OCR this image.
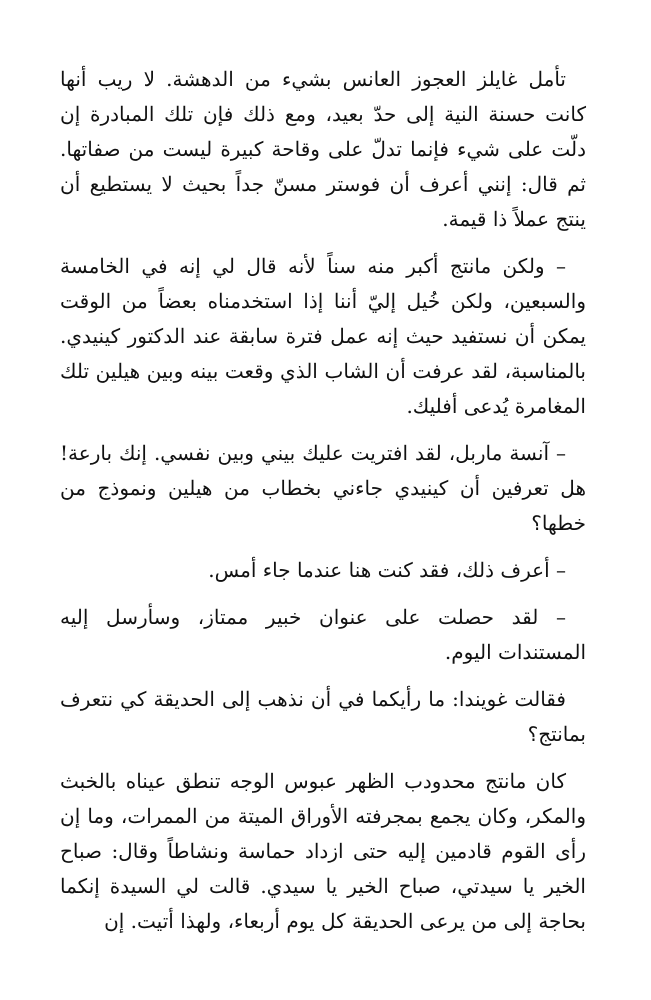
تأمل غايلز العجوز العانس بشيء من الدهشة. لا ريب أنها كانت حسنة النية إلى حدّ بعيد، ومع ذلك فإن تلك المبادرة إن دلّت على شيء فإنما تدلّ على وقاحة كبيرة ليست من صفاتها. ثم قال: إنني أعرف أن فوستر مسنّ جداً بحيث لا يستطيع أن ينتج عملاً ذا قيمة.

– ولكن مانتج أكبر منه سناً لأنه قال لي إنه في الخامسة والسبعين، ولكن خُيل إليّ أننا إذا استخدمناه بعضاً من الوقت يمكن أن نستفيد حيث إنه عمل فترة سابقة عند الدكتور كينيدي. بالمناسبة، لقد عرفت أن الشاب الذي وقعت بينه وبين هيلين تلك المغامرة يُدعى أفليك.

– آنسة ماربل، لقد افتريت عليك بيني وبين نفسي. إنك بارعة! هل تعرفين أن كينيدي جاءني بخطاب من هيلين ونموذج من خطها؟

– أعرف ذلك، فقد كنت هنا عندما جاء أمس.

– لقد حصلت على عنوان خبير ممتاز، وسأرسل إليه المستندات اليوم.

فقالت غويندا: ما رأيكما في أن نذهب إلى الحديقة كي نتعرف بمانتج؟

كان مانتج محدودب الظهر عبوس الوجه تنطق عيناه بالخبث والمكر، وكان يجمع بمجرفته الأوراق الميتة من الممرات، وما إن رأى القوم قادمين إليه حتى ازداد حماسة ونشاطاً وقال: صباح الخير يا سيدتي، صباح الخير يا سيدي. قالت لي السيدة إنكما بحاجة إلى من يرعى الحديقة كل يوم أربعاء، ولهذا أتيت. إن
